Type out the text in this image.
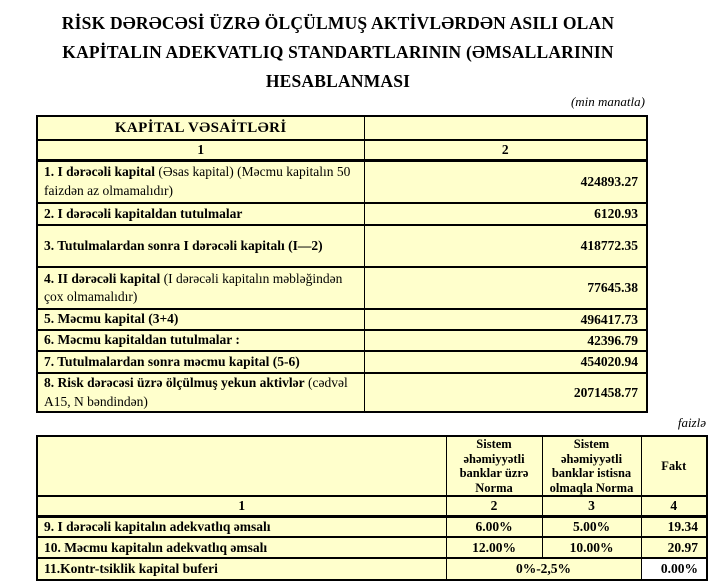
RİSK DƏRƏCƏSİ ÜZRƏ ÖLÇÜLMUŞ AKTİVLƏRDƏN ASILI OLAN
KAPİTALIN ADEKVATLIQ STANDARTLARININ (ƏMSALLARININ
HESABLANMASI
(min manatla)
KAPİTAL VƏSAİTLƏRİ	
1	2
1. I dərəcəli kapital (Əsas kapital) (Məcmu kapitalın 50 faizdən az olmamalıdır)	424893.27
2. I dərəcəli kapitaldan tutulmalar	6120.93
3. Tutulmalardan sonra I dərəcəli kapitalı (I—2)	418772.35
4. II dərəcəli kapital (I dərəcəli kapitalın məbləğindən çox olmamalıdır)	77645.38
5. Məcmu kapital (3+4)	496417.73
6. Məcmu kapitaldan tutulmalar :	42396.79
7. Tutulmalardan sonra məcmu kapital (5-6)	454020.94
8. Risk dərəcəsi üzrə ölçülmuş yekun aktivlər (cədvəl A15, N bəndindən)	2071458.77
faizlə
	Sistem əhəmiyyətli banklar üzrə Norma	Sistem əhəmiyyətli banklar istisna olmaqla Norma	Fakt
1	2	3	4
9. I dərəcəli kapitalın adekvatlıq əmsalı	6.00%	5.00%	19.34
10. Məcmu kapitalın adekvatlıq əmsalı	12.00%	10.00%	20.97
11.Kontr-tsiklik kapital buferi	0%-2,5%		0.00%
